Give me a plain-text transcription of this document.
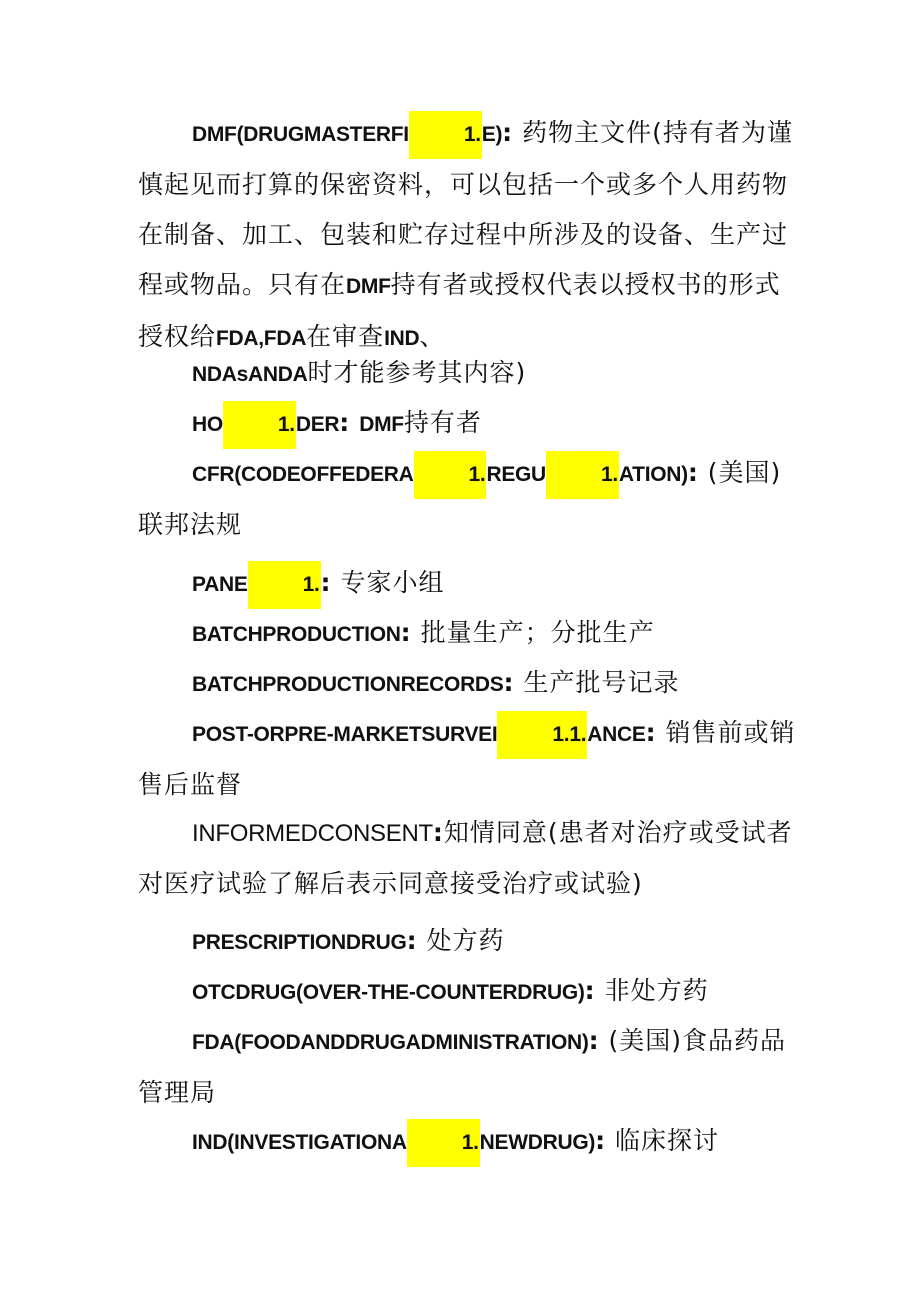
DMF(DRUGMASTERFI	1.E): 药物主文件(持有者为谨慎起见而打算的保密资料，可以包括一个或多个人用药物在制备、加工、包装和贮存过程中所涉及的设备、生产过程或物品。只有在DMF持有者或授权代表以授权书的形式授权给FDA,FDA在审查IND、
NDAsANDA时才能参考其内容)
HO	1.DER: DMF持有者
CFR(CODEOFFEDERA	1.REGU	1.ATION): (美国)联邦法规
PANE	1.: 专家小组
BATCHPRODUCTION: 批量生产；分批生产
BATCHPRODUCTIONRECORDS: 生产批号记录
POST-ORPRE-MARKETSURVEI	1.1.ANCE: 销售前或销售后监督
INFORMEDCONSENT:知情同意(患者对治疗或受试者对医疗试验了解后表示同意接受治疗或试验)
PRESCRIPTIONDRUG: 处方药
OTCDRUG(OVER-THE-COUNTERDRUG): 非处方药
FDA(FOODANDDRUGADMINISTRATION): (美国)食品药品管理局
IND(INVESTIGATIONA	1.NEWDRUG): 临床探讨
